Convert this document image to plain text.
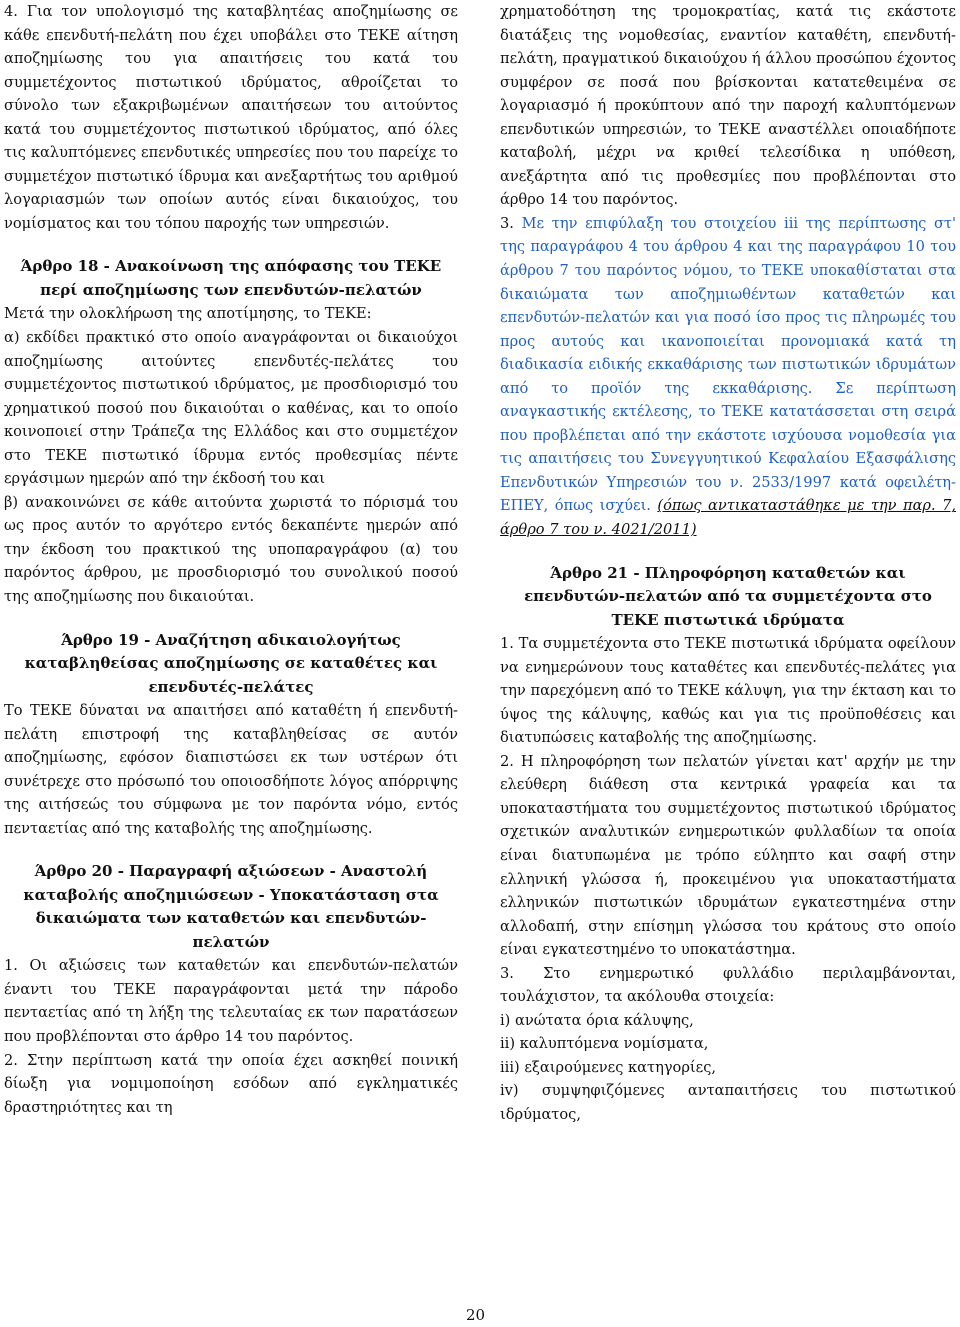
4. Για τον υπολογισμό της καταβλητέας αποζημίωσης σε κάθε επενδυτή-πελάτη που έχει υποβάλει στο ΤΕΚΕ αίτηση αποζημίωσης του για απαιτήσεις του κατά του συμμετέχοντος πιστωτικού ιδρύματος, αθροίζεται το σύνολο των εξακριβωμένων απαιτήσεων του αιτούντος κατά του συμμετέχοντος πιστωτικού ιδρύματος, από όλες τις καλυπτόμενες επενδυτικές υπηρεσίες που του παρείχε το συμμετέχον πιστωτικό ίδρυμα και ανεξαρτήτως του αριθμού λογαριασμών των οποίων αυτός είναι δικαιούχος, του νομίσματος και του τόπου παροχής των υπηρεσιών.

Άρθρο 18 - Ανακοίνωση της απόφασης του ΤΕΚΕ περί αποζημίωσης των επενδυτών-πελατών

Μετά την ολοκλήρωση της αποτίμησης, το ΤΕΚΕ:

α) εκδίδει πρακτικό στο οποίο αναγράφονται οι δικαιούχοι αποζημίωσης αιτούντες επενδυτές-πελάτες του συμμετέχοντος πιστωτικού ιδρύματος, με προσδιορισμό του χρηματικού ποσού που δικαιούται ο καθένας, και το οποίο κοινοποιεί στην Τράπεζα της Ελλάδος και στο συμμετέχον στο ΤΕΚΕ πιστωτικό ίδρυμα εντός προθεσμίας πέντε εργάσιμων ημερών από την έκδοσή του και

β) ανακοινώνει σε κάθε αιτούντα χωριστά το πόρισμά του ως προς αυτόν το αργότερο εντός δεκαπέντε ημερών από την έκδοση του πρακτικού της υποπαραγράφου (α) του παρόντος άρθρου, με προσδιορισμό του συνολικού ποσού της αποζημίωσης που δικαιούται.

Άρθρο 19 - Αναζήτηση αδικαιολογήτως καταβληθείσας αποζημίωσης σε καταθέτες και επενδυτές-πελάτες

Το ΤΕΚΕ δύναται να απαιτήσει από καταθέτη ή επενδυτή-πελάτη επιστροφή της καταβληθείσας σε αυτόν αποζημίωσης, εφόσον διαπιστώσει εκ των υστέρων ότι συνέτρεχε στο πρόσωπό του οποιοσδήποτε λόγος απόρριψης της αιτήσεώς του σύμφωνα με τον παρόντα νόμο, εντός πενταετίας από της καταβολής της αποζημίωσης.

Άρθρο 20 - Παραγραφή αξιώσεων - Αναστολή καταβολής αποζημιώσεων - Υποκατάσταση στα δικαιώματα των καταθετών και επενδυτών-πελατών

1. Οι αξιώσεις των καταθετών και επενδυτών-πελατών έναντι του ΤΕΚΕ παραγράφονται μετά την πάροδο πενταετίας από τη λήξη της τελευταίας εκ των παρατάσεων που προβλέπονται στο άρθρο 14 του παρόντος.

2. Στην περίπτωση κατά την οποία έχει ασκηθεί ποινική δίωξη για νομιμοποίηση εσόδων από εγκληματικές δραστηριότητες και τη

χρηματοδότηση της τρομοκρατίας, κατά τις εκάστοτε διατάξεις της νομοθεσίας, εναντίον καταθέτη, επενδυτή-πελάτη, πραγματικού δικαιούχου ή άλλου προσώπου έχοντος συμφέρον σε ποσά που βρίσκονται κατατεθειμένα σε λογαριασμό ή προκύπτουν από την παροχή καλυπτόμενων επενδυτικών υπηρεσιών, το ΤΕΚΕ αναστέλλει οποιαδήποτε καταβολή, μέχρι να κριθεί τελεσίδικα η υπόθεση, ανεξάρτητα από τις προθεσμίες που προβλέπονται στο άρθρο 14 του παρόντος.

3. Με την επιφύλαξη του στοιχείου iii της περίπτωσης στ' της παραγράφου 4 του άρθρου 4 και της παραγράφου 10 του άρθρου 7 του παρόντος νόμου, το ΤΕΚΕ υποκαθίσταται στα δικαιώματα των αποζημιωθέντων καταθετών και επενδυτών-πελατών και για ποσό ίσο προς τις πληρωμές του προς αυτούς και ικανοποιείται προνομιακά κατά τη διαδικασία ειδικής εκκαθάρισης των πιστωτικών ιδρυμάτων από το προϊόν της εκκαθάρισης. Σε περίπτωση αναγκαστικής εκτέλεσης, το ΤΕΚΕ κατατάσσεται στη σειρά που προβλέπεται από την εκάστοτε ισχύουσα νομοθεσία για τις απαιτήσεις του Συνεγγυητικού Κεφαλαίου Εξασφάλισης Επενδυτικών Υπηρεσιών του ν. 2533/1997 κατά οφειλέτη-ΕΠΕΥ, όπως ισχύει. (όπως αντικαταστάθηκε με την παρ. 7, άρθρο 7 του ν. 4021/2011)

Άρθρο 21 - Πληροφόρηση καταθετών και επενδυτών-πελατών από τα συμμετέχοντα στο ΤΕΚΕ πιστωτικά ιδρύματα

1. Τα συμμετέχοντα στο ΤΕΚΕ πιστωτικά ιδρύματα οφείλουν να ενημερώνουν τους καταθέτες και επενδυτές-πελάτες για την παρεχόμενη από το ΤΕΚΕ κάλυψη, για την έκταση και το ύψος της κάλυψης, καθώς και για τις προϋποθέσεις και διατυπώσεις καταβολής της αποζημίωσης.

2. Η πληροφόρηση των πελατών γίνεται κατ' αρχήν με την ελεύθερη διάθεση στα κεντρικά γραφεία και τα υποκαταστήματα του συμμετέχοντος πιστωτικού ιδρύματος σχετικών αναλυτικών ενημερωτικών φυλλαδίων τα οποία είναι διατυπωμένα με τρόπο εύληπτο και σαφή στην ελληνική γλώσσα ή, προκειμένου για υποκαταστήματα ελληνικών πιστωτικών ιδρυμάτων εγκατεστημένα στην αλλοδαπή, στην επίσημη γλώσσα του κράτους στο οποίο είναι εγκατεστημένο το υποκατάστημα.

3. Στο ενημερωτικό φυλλάδιο περιλαμβάνονται, τουλάχιστον, τα ακόλουθα στοιχεία:

i) ανώτατα όρια κάλυψης,

ii) καλυπτόμενα νομίσματα,

iii) εξαιρούμενες κατηγορίες,

iv) συμψηφιζόμενες ανταπαιτήσεις του πιστωτικού ιδρύματος,

20
